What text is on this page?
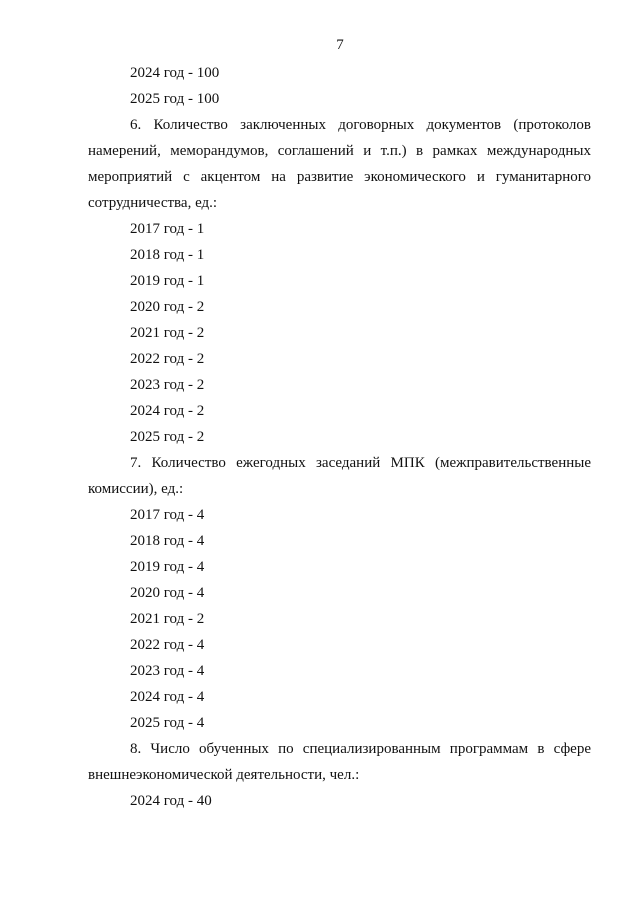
7
2024 год - 100
2025 год - 100
6. Количество заключенных договорных документов (протоколов
намерений, меморандумов, соглашений и т.п.) в рамках международных
мероприятий с акцентом на развитие экономического и гуманитарного
сотрудничества, ед.:
2017 год - 1
2018 год - 1
2019 год - 1
2020 год - 2
2021 год - 2
2022 год - 2
2023 год - 2
2024 год - 2
2025 год - 2
7. Количество ежегодных заседаний МПК (межправительственные
комиссии), ед.:
2017 год - 4
2018 год - 4
2019 год - 4
2020 год - 4
2021 год - 2
2022 год - 4
2023 год - 4
2024 год - 4
2025 год - 4
8. Число обученных по специализированным программам в сфере
внешнеэкономической деятельности, чел.:
2024 год - 40
